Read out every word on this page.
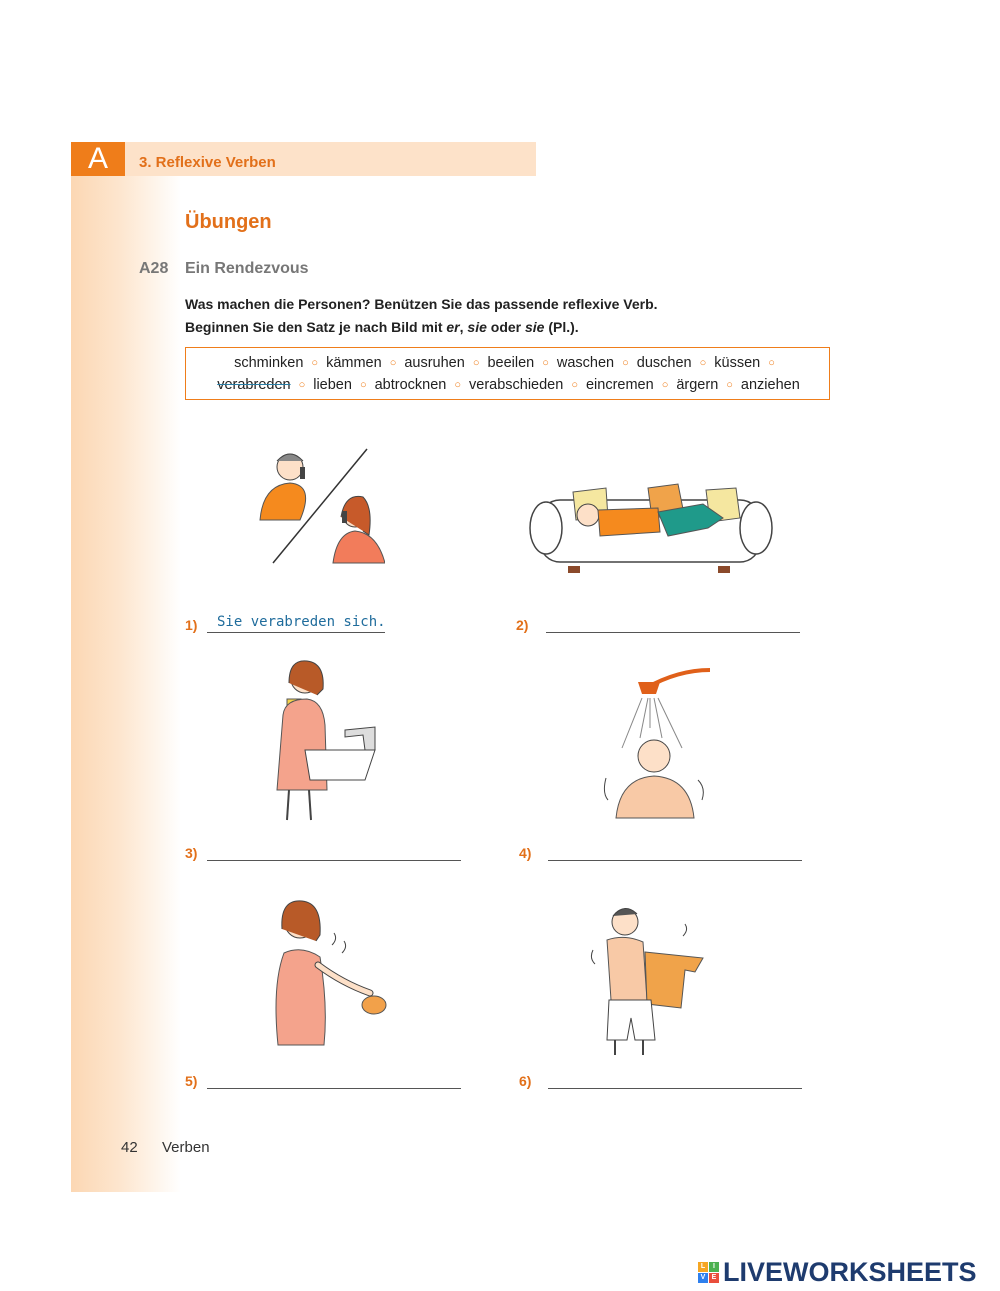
A	3. Reflexive Verben
Übungen
A28 Ein Rendezvous
Was machen die Personen? Benützen Sie das passende reflexive Verb.
Beginnen Sie den Satz je nach Bild mit er, sie oder sie (Pl.).
schminken ○ kämmen ○ ausruhen ○ beeilen ○ waschen ○ duschen ○ küssen ○
verabreden ○ lieben ○ abtrocknen ○ verabschieden ○ eincremen ○ ärgern ○ anziehen
1) Sie verabreden sich.	2)
3)	4)
5)	6)
42 Verben
L	I
V E LIVEWORKSHEETS
